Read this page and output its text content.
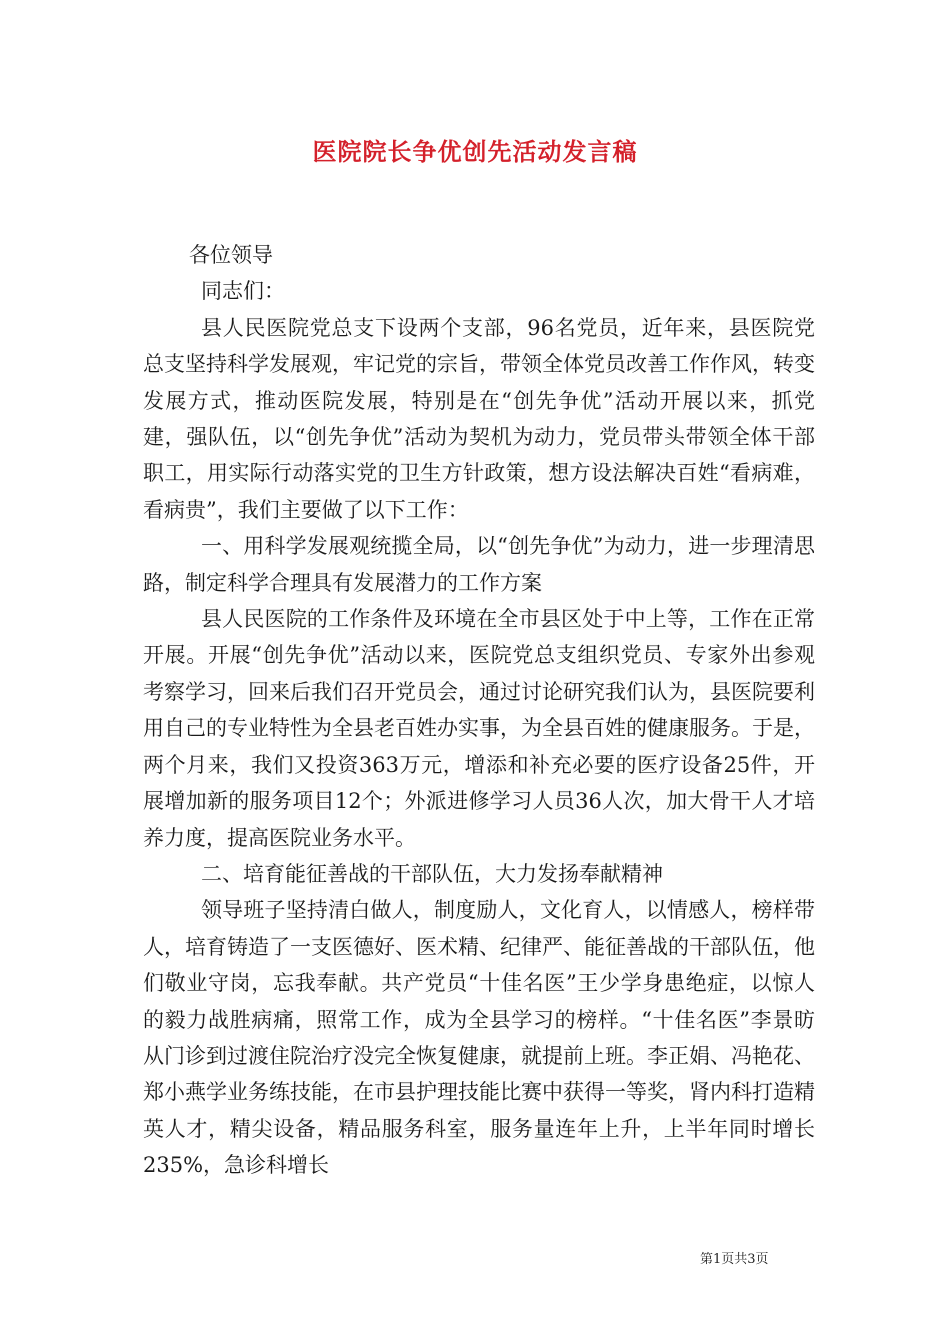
医院院长争优创先活动发言稿

各位领导

同志们：

县人民医院党总支下设两个支部，96名党员，近年来，县医院党总支坚持科学发展观，牢记党的宗旨，带领全体党员改善工作作风，转变发展方式，推动医院发展，特别是在“创先争优”活动开展以来，抓党建，强队伍，以“创先争优”活动为契机为动力，党员带头带领全体干部职工，用实际行动落实党的卫生方针政策，想方设法解决百姓“看病难，看病贵”，我们主要做了以下工作：

一、用科学发展观统揽全局，以“创先争优”为动力，进一步理清思路，制定科学合理具有发展潜力的工作方案

县人民医院的工作条件及环境在全市县区处于中上等，工作在正常开展。开展“创先争优”活动以来，医院党总支组织党员、专家外出参观考察学习，回来后我们召开党员会，通过讨论研究我们认为，县医院要利用自己的专业特性为全县老百姓办实事，为全县百姓的健康服务。于是，两个月来，我们又投资363万元，增添和补充必要的医疗设备25件，开展增加新的服务项目12个；外派进修学习人员36人次，加大骨干人才培养力度，提高医院业务水平。

二、培育能征善战的干部队伍，大力发扬奉献精神

领导班子坚持清白做人，制度励人，文化育人，以情感人，榜样带人，培育铸造了一支医德好、医术精、纪律严、能征善战的干部队伍，他们敬业守岗，忘我奉献。共产党员“十佳名医”王少学身患绝症，以惊人的毅力战胜病痛，照常工作，成为全县学习的榜样。“十佳名医”李景昉从门诊到过渡住院治疗没完全恢复健康，就提前上班。李正娟、冯艳花、郑小燕学业务练技能，在市县护理技能比赛中获得一等奖，肾内科打造精英人才，精尖设备，精品服务科室，服务量连年上升，上半年同时增长235%，急诊科增长

第1页共3页
